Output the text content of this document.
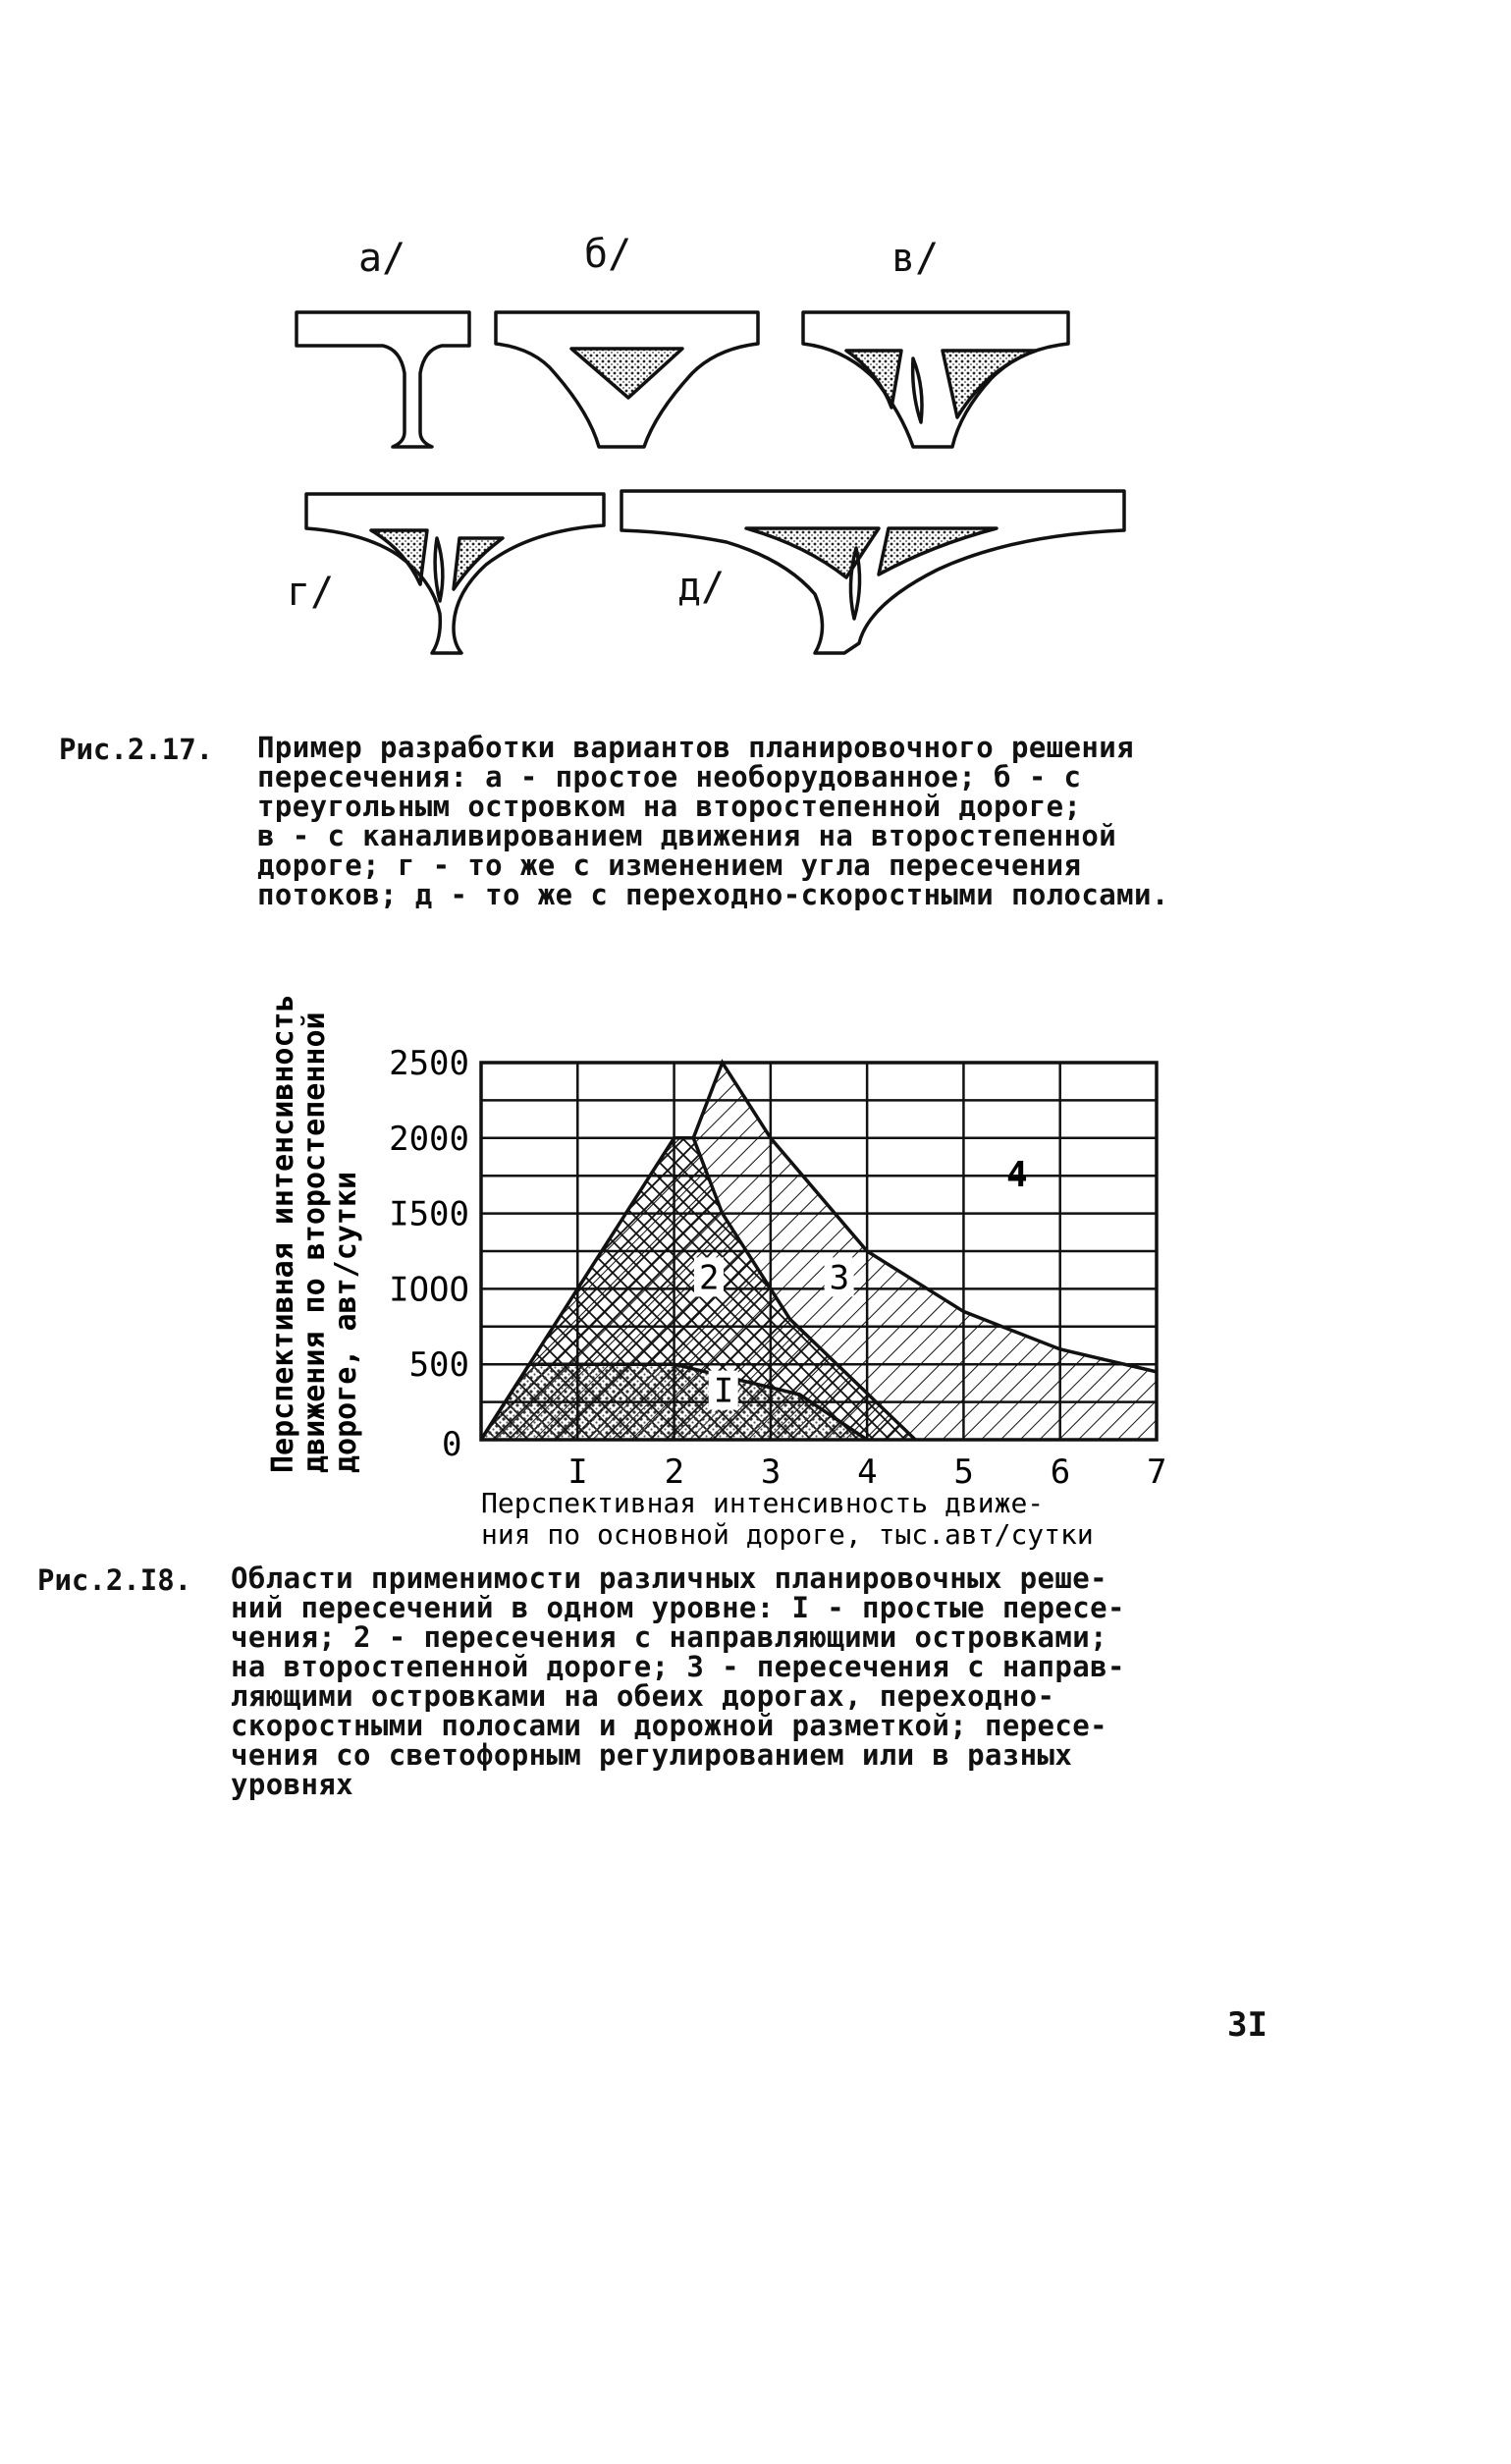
а/	б/	в/
г/	д/
Рис.2.17. Пример разработки вариантов планировочного решения
пересечения: а - простое необорудованное; б - с
треугольным островком на второстепенной дороге;
в - с каналивированием движения на второстепенной
дороге; г - то же с изменением угла пересечения
потоков; д - то же с переходно-скоростными полосами.
0
I 2 3 4 5 6 7
500
IOOO
I500
2000
2500
I
2	3
4
Перспективная интенсивность
движения по второстепенной
дороге, авт/сутки
Перспективная интенсивность движе-
ния по основной дороге, тыс.авт/сутки
Рис.2.I8. Области применимости различных планировочных реше-
ний пересечений в одном уровне: I - простые пересе-
чения; 2 - пересечения с направляющими островками;
на второстепенной дороге; 3 - пересечения с направ-
ляющими островками на обеих дорогах, переходно-
скоростными полосами и дорожной разметкой; пересе-
чения со светофорным регулированием или в разных
уровнях
3I
